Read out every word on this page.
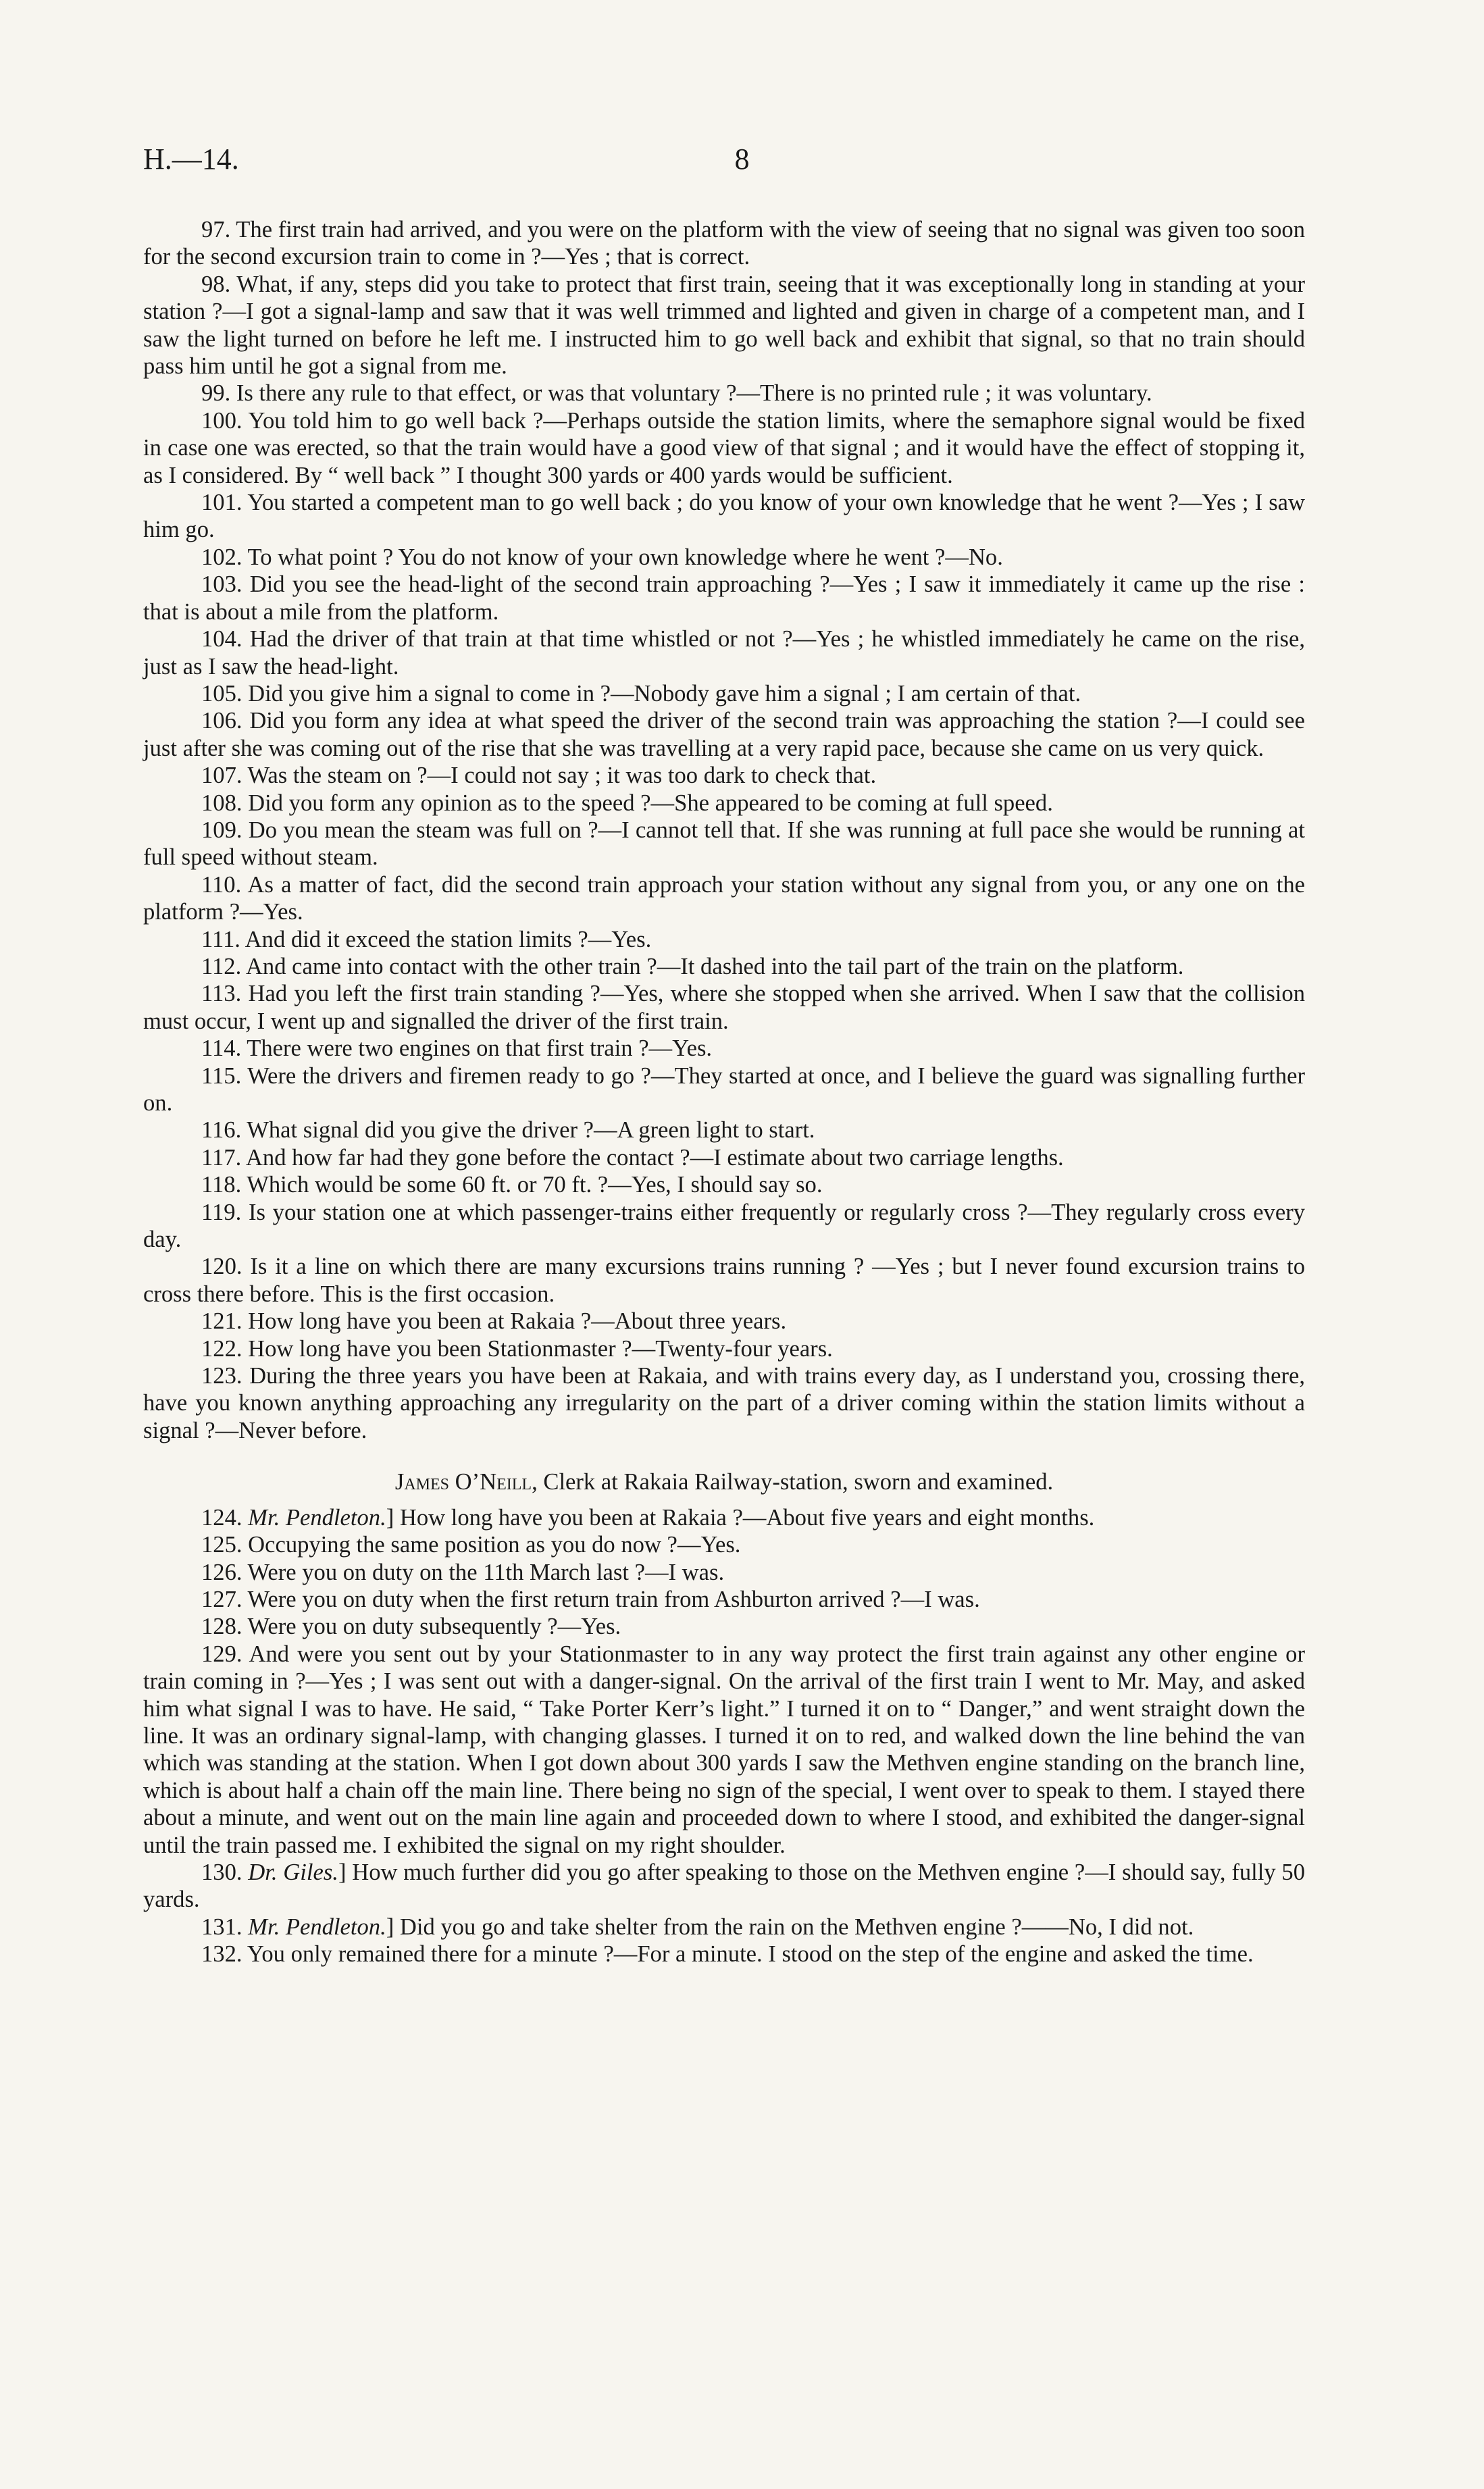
H.—14.	8

97. The first train had arrived, and you were on the platform with the view of seeing that no signal was given too soon for the second excursion train to come in ?—Yes ; that is correct.

98. What, if any, steps did you take to protect that first train, seeing that it was exceptionally long in standing at your station ?—I got a signal-lamp and saw that it was well trimmed and lighted and given in charge of a competent man, and I saw the light turned on before he left me. I instructed him to go well back and exhibit that signal, so that no train should pass him until he got a signal from me.

99. Is there any rule to that effect, or was that voluntary ?—There is no printed rule ; it was voluntary.

100. You told him to go well back ?—Perhaps outside the station limits, where the semaphore signal would be fixed in case one was erected, so that the train would have a good view of that signal ; and it would have the effect of stopping it, as I considered. By “ well back ” I thought 300 yards or 400 yards would be sufficient.

101. You started a competent man to go well back ; do you know of your own knowledge that he went ?—Yes ; I saw him go.

102. To what point ? You do not know of your own knowledge where he went ?—No.

103. Did you see the head-light of the second train approaching ?—Yes ; I saw it immediately it came up the rise : that is about a mile from the platform.

104. Had the driver of that train at that time whistled or not ?—Yes ; he whistled immediately he came on the rise, just as I saw the head-light.

105. Did you give him a signal to come in ?—Nobody gave him a signal ; I am certain of that.

106. Did you form any idea at what speed the driver of the second train was approaching the station ?—I could see just after she was coming out of the rise that she was travelling at a very rapid pace, because she came on us very quick.

107. Was the steam on ?—I could not say ; it was too dark to check that.

108. Did you form any opinion as to the speed ?—She appeared to be coming at full speed.

109. Do you mean the steam was full on ?—I cannot tell that. If she was running at full pace she would be running at full speed without steam.

110. As a matter of fact, did the second train approach your station without any signal from you, or any one on the platform ?—Yes.

111. And did it exceed the station limits ?—Yes.

112. And came into contact with the other train ?—It dashed into the tail part of the train on the platform.

113. Had you left the first train standing ?—Yes, where she stopped when she arrived. When I saw that the collision must occur, I went up and signalled the driver of the first train.

114. There were two engines on that first train ?—Yes.

115. Were the drivers and firemen ready to go ?—They started at once, and I believe the guard was signalling further on.

116. What signal did you give the driver ?—A green light to start.

117. And how far had they gone before the contact ?—I estimate about two carriage lengths.

118. Which would be some 60 ft. or 70 ft. ?—Yes, I should say so.

119. Is your station one at which passenger-trains either frequently or regularly cross ?—They regularly cross every day.

120. Is it a line on which there are many excursions trains running ? —Yes ; but I never found excursion trains to cross there before. This is the first occasion.

121. How long have you been at Rakaia ?—About three years.

122. How long have you been Stationmaster ?—Twenty-four years.

123. During the three years you have been at Rakaia, and with trains every day, as I understand you, crossing there, have you known anything approaching any irregularity on the part of a driver coming within the station limits without a signal ?—Never before.

James O’Neill, Clerk at Rakaia Railway-station, sworn and examined.

124. Mr. Pendleton.] How long have you been at Rakaia ?—About five years and eight months.

125. Occupying the same position as you do now ?—Yes.

126. Were you on duty on the 11th March last ?—I was.

127. Were you on duty when the first return train from Ashburton arrived ?—I was.

128. Were you on duty subsequently ?—Yes.

129. And were you sent out by your Stationmaster to in any way protect the first train against any other engine or train coming in ?—Yes ; I was sent out with a danger-signal. On the arrival of the first train I went to Mr. May, and asked him what signal I was to have. He said, “ Take Porter Kerr’s light.” I turned it on to “ Danger,” and went straight down the line. It was an ordinary signal-lamp, with changing glasses. I turned it on to red, and walked down the line behind the van which was standing at the station. When I got down about 300 yards I saw the Methven engine standing on the branch line, which is about half a chain off the main line. There being no sign of the special, I went over to speak to them. I stayed there about a minute, and went out on the main line again and proceeded down to where I stood, and exhibited the danger-signal until the train passed me. I exhibited the signal on my right shoulder.

130. Dr. Giles.] How much further did you go after speaking to those on the Methven engine ?—I should say, fully 50 yards.

131. Mr. Pendleton.] Did you go and take shelter from the rain on the Methven engine ?——No, I did not.

132. You only remained there for a minute ?—For a minute. I stood on the step of the engine and asked the time.
